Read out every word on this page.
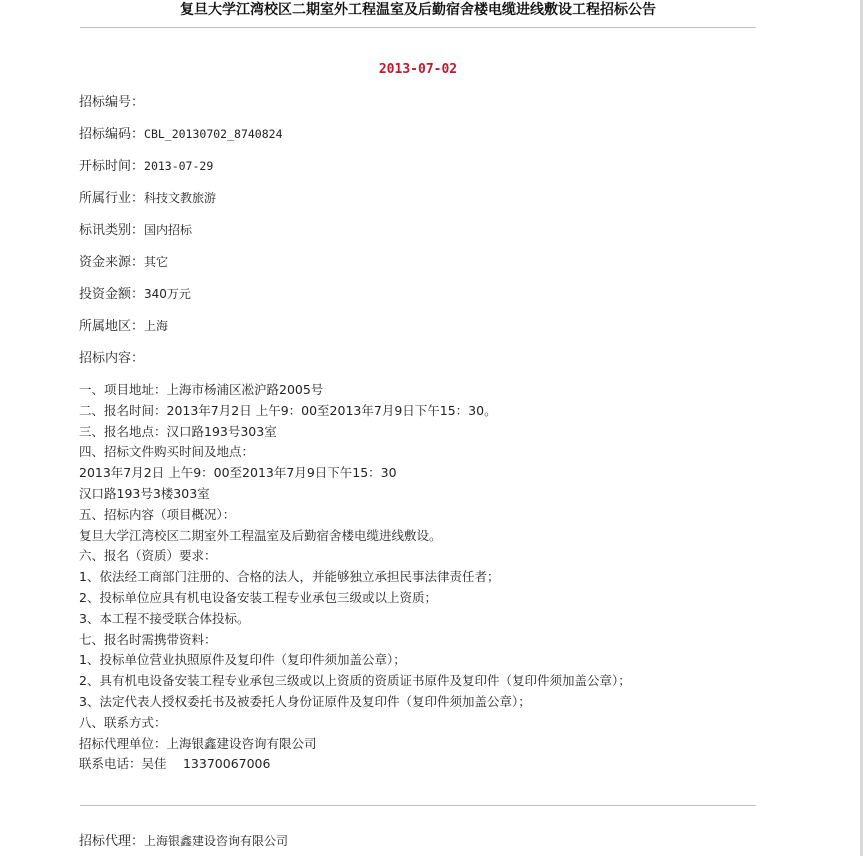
复旦大学江湾校区二期室外工程温室及后勤宿舍楼电缆进线敷设工程招标公告
2013-07-02
招标编号：
招标编码：CBL_20130702_8740824
开标时间：2013-07-29
所属行业：科技文教旅游
标讯类别：国内招标
资金来源：其它
投资金额：340万元
所属地区：上海
招标内容：
一、项目地址：上海市杨浦区凇沪路2005号
二、报名时间：2013年7月2日 上午9：00至2013年7月9日下午15：30。
三、报名地点：汉口路193号303室
四、招标文件购买时间及地点：
2013年7月2日 上午9：00至2013年7月9日下午15：30
汉口路193号3楼303室
五、招标内容（项目概况）：
复旦大学江湾校区二期室外工程温室及后勤宿舍楼电缆进线敷设。
六、报名（资质）要求：
1、依法经工商部门注册的、合格的法人，并能够独立承担民事法律责任者；
2、投标单位应具有机电设备安装工程专业承包三级或以上资质；
3、本工程不接受联合体投标。
七、报名时需携带资料：
1、投标单位营业执照原件及复印件（复印件须加盖公章）；
2、具有机电设备安装工程专业承包三级或以上资质的资质证书原件及复印件（复印件须加盖公章）；
3、法定代表人授权委托书及被委托人身份证原件及复印件（复印件须加盖公章）；
八、联系方式：
招标代理单位：上海银鑫建设咨询有限公司
联系电话：吴佳　 13370067006
招标代理：上海银鑫建设咨询有限公司
